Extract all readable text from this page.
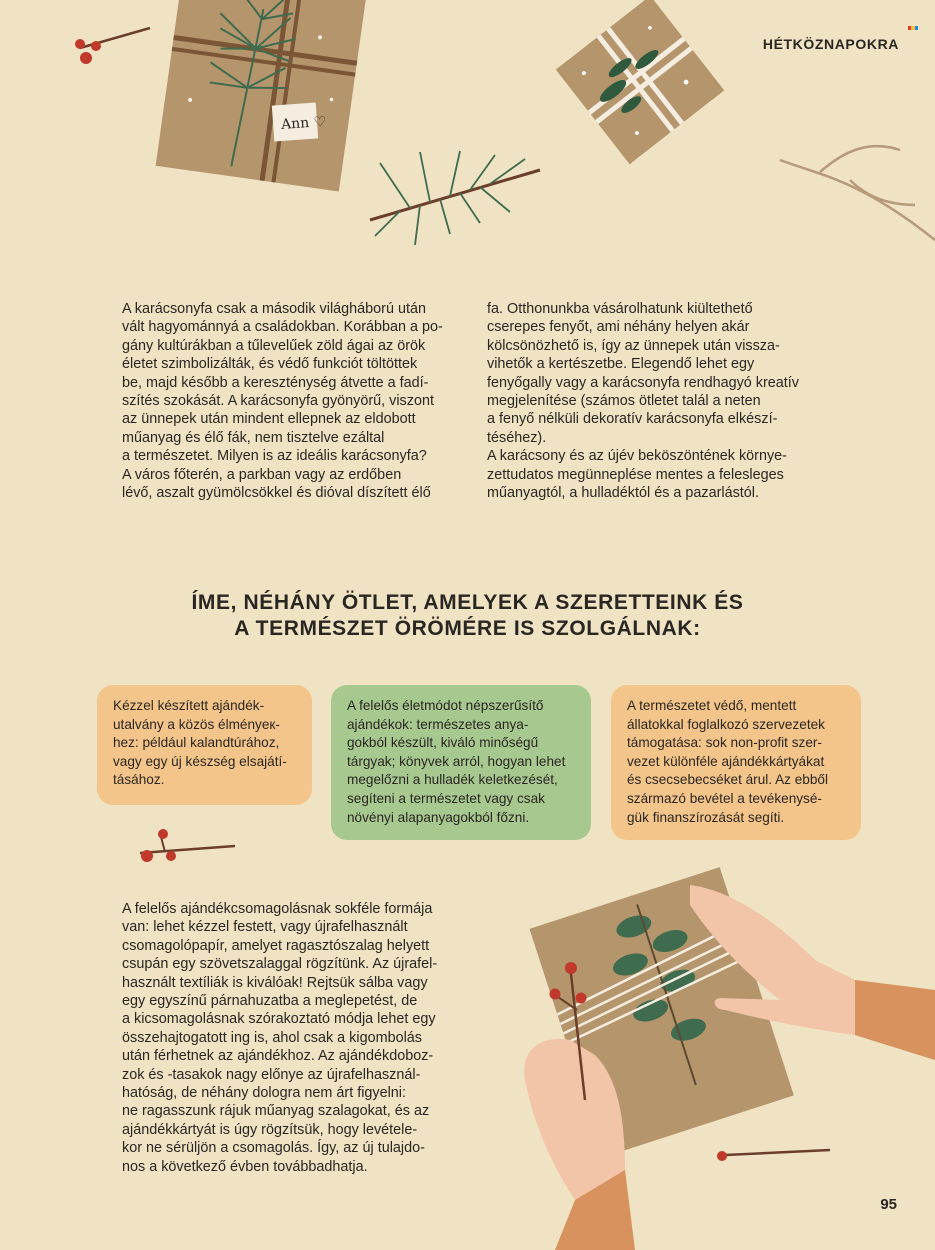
HÉTKÖZNAPOKRA
Ann ♡
A karácsonyfa csak a második világháború után
vált hagyománnyá a családokban. Korábban a po-
gány kultúrákban a tűlevelűek zöld ágai az örök
életet szimbolizálták, és védő funkciót töltöttek
be, majd később a kereszténység átvette a fadí-
szítés szokását. A karácsonyfa gyönyörű, viszont
az ünnepek után mindent ellepnek az eldobott
műanyag és élő fák, nem tisztelve ezáltal
a természetet. Milyen is az ideális karácsonyfa?
A város főterén, a parkban vagy az erdőben
lévő, aszalt gyümölcsökkel és dióval díszített élő
fa. Otthonunkba vásárolhatunk kiültethető
cserepes fenyőt, ami néhány helyen akár
kölcsönözhető is, így az ünnepek után vissza-
vihetők a kertészetbe. Elegendő lehet egy
fenyőgally vagy a karácsonyfa rendhagyó kreatív
megjelenítése (számos ötletet talál a neten
a fenyő nélküli dekoratív karácsonyfa elkészí-
téséhez).
A karácsony és az újév beköszöntének környe-
zettudatos megünneplése mentes a felesleges
műanyagtól, a hulladéktól és a pazarlástól.
ÍME, NÉHÁNY ÖTLET, AMELYEK A SZERETTEINK ÉS
A TERMÉSZET ÖRÖMÉRE IS SZOLGÁLNAK:
Kézzel készített ajándék-
utalvány a közös élményeк-
hez: például kalandtúrához,
vagy egy új készség elsajátí-
tásához.
A felelős életmódot népszerűsítő
ajándékok: természetes anya-
gokból készült, kiváló minőségű
tárgyak; könyvek arról, hogyan lehet
megelőzni a hulladék keletkezését,
segíteni a természetet vagy csak
növényi alapanyagokból főzni.
A természetet védő, mentett
állatokkal foglalkozó szervezetek
támogatása: sok non-profit szer-
vezet különféle ajándékkártyákat
és csecsebecséket árul. Az ebből
származó bevétel a tevékenysé-
gük finanszírozását segíti.
A felelős ajándékcsomagolásnak sokféle formája
van: lehet kézzel festett, vagy újrafelhasznált
csomagolópapír, amelyet ragasztószalag helyett
csupán egy szövetszalaggal rögzítünk. Az újrafel-
használt textíliák is kiválóak! Rejtsük sálba vagy
egy egyszínű párnahuzatba a meglepetést, de
a kicsomagolásnak szórakoztató módja lehet egy
összehajtogatott ing is, ahol csak a kigombolás
után férhetnek az ajándékhoz. Az ajándékdoboz-
zok és -tasakok nagy előnye az újrafelhasznál-
hatóság, de néhány dologra nem árt figyelni:
ne ragasszunk rájuk műanyag szalagokat, és az
ajándékkártyát is úgy rögzítsük, hogy levételе-
kor ne sérüljön a csomagolás. Így, az új tulajdo-
nos a következő évben továbbadhatja.
95
